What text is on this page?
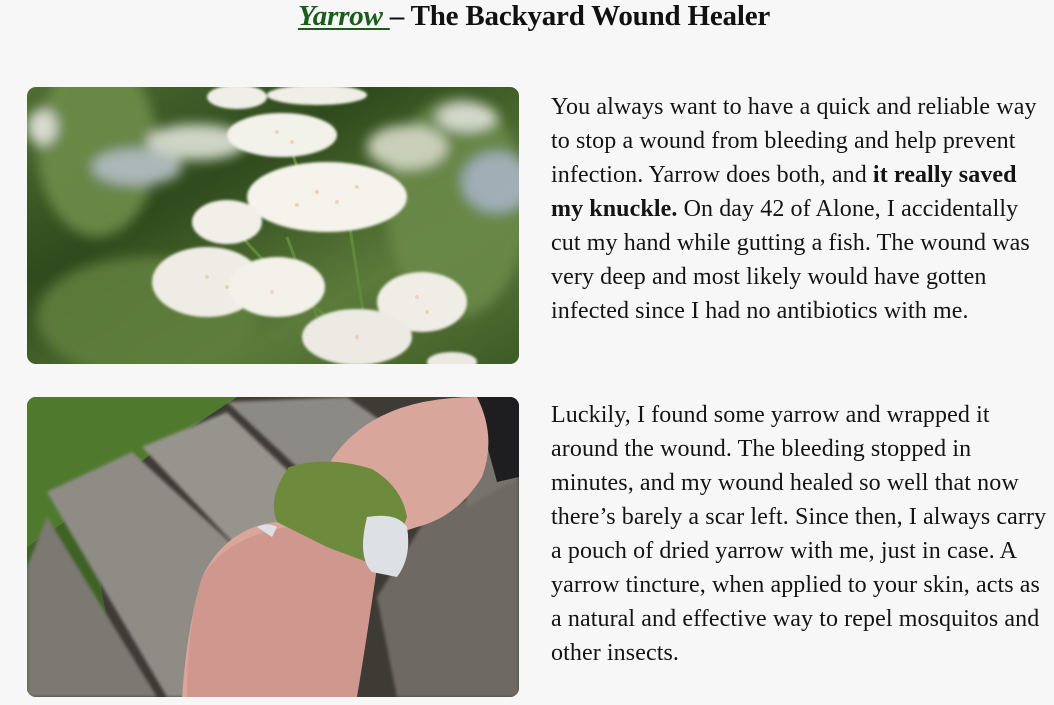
Yarrow – The Backyard Wound Healer

You always want to have a quick and reliable way to stop a wound from bleeding and help prevent infection. Yarrow does both, and it really saved my knuckle. On day 42 of Alone, I accidentally cut my hand while gutting a fish. The wound was very deep and most likely would have gotten infected since I had no antibiotics with me.

Luckily, I found some yarrow and wrapped it around the wound. The bleeding stopped in minutes, and my wound healed so well that now there’s barely a scar left. Since then, I always carry a pouch of dried yarrow with me, just in case. A yarrow tincture, when applied to your skin, acts as a natural and effective way to repel mosquitos and other insects.
